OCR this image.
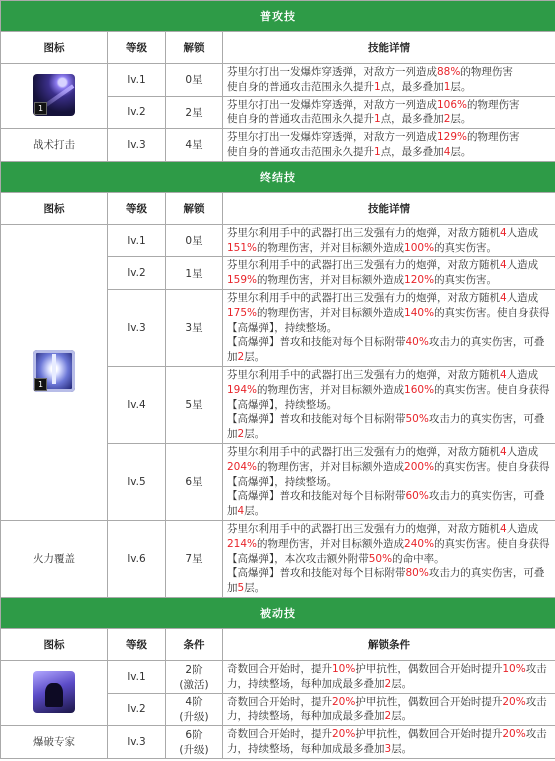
普攻技			
图标	等级	解锁	技能详情

1	lv.1	0星	芬里尔打出一发爆炸穿透弹，对敌方一列造成88%的物理伤害
使自身的普通攻击范围永久提升1点，最多叠加1层。
	lv.2	2星	芬里尔打出一发爆炸穿透弹，对敌方一列造成106%的物理伤害
使自身的普通攻击范围永久提升1点，最多叠加2层。
战术打击	lv.3	4星	芬里尔打出一发爆炸穿透弹，对敌方一列造成129%的物理伤害
使自身的普通攻击范围永久提升1点，最多叠加4层。
终结技			
图标	等级	解锁	技能详情

1	lv.1	0星	芬里尔利用手中的武器打出三发强有力的炮弹，对敌方随机4人造成151%的物理伤害，并对目标额外造成100%的真实伤害。
	lv.2	1星	芬里尔利用手中的武器打出三发强有力的炮弹，对敌方随机4人造成159%的物理伤害，并对目标额外造成120%的真实伤害。
	lv.3	3星	芬里尔利用手中的武器打出三发强有力的炮弹，对敌方随机4人造成175%的物理伤害，并对目标额外造成140%的真实伤害。使自身获得【高爆弹】，持续整场。
【高爆弹】普攻和技能对每个目标附带40%攻击力的真实伤害，可叠加2层。
	lv.4	5星	芬里尔利用手中的武器打出三发强有力的炮弹，对敌方随机4人造成194%的物理伤害，并对目标额外造成160%的真实伤害。使自身获得【高爆弹】，持续整场。
【高爆弹】普攻和技能对每个目标附带50%攻击力的真实伤害，可叠加2层。
	lv.5	6星	芬里尔利用手中的武器打出三发强有力的炮弹，对敌方随机4人造成204%的物理伤害，并对目标额外造成200%的真实伤害。使自身获得【高爆弹】，持续整场。
【高爆弹】普攻和技能对每个目标附带60%攻击力的真实伤害，可叠加4层。
火力覆盖	lv.6	7星	芬里尔利用手中的武器打出三发强有力的炮弹，对敌方随机4人造成214%的物理伤害，并对目标额外造成240%的真实伤害。使自身获得【高爆弹】，本次攻击额外附带50%的命中率。
【高爆弹】普攻和技能对每个目标附带80%攻击力的真实伤害，可叠加5层。
被动技			
图标	等级	条件	解锁条件
	lv.1	2阶
(激活)	奇数回合开始时，提升10%护甲抗性，偶数回合开始时提升10%攻击力，持续整场，每种加成最多叠加2层。
	lv.2	4阶
(升级)	奇数回合开始时，提升20%护甲抗性，偶数回合开始时提升20%攻击力，持续整场，每种加成最多叠加2层。
爆破专家	lv.3	6阶
(升级)	奇数回合开始时，提升20%护甲抗性，偶数回合开始时提升20%攻击力，持续整场，每种加成最多叠加3层。
